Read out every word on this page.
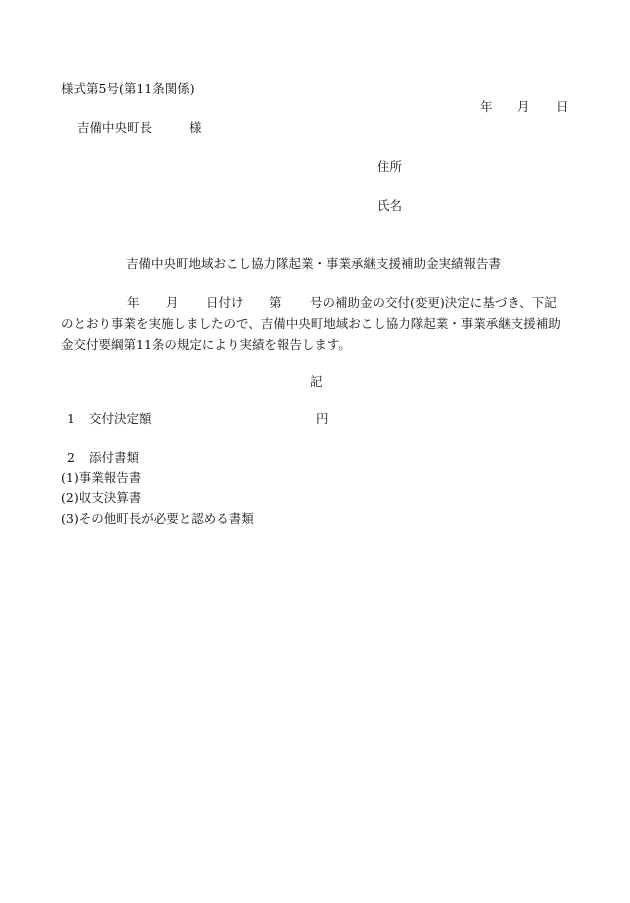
様式第5号(第11条関係)
年 月 日
吉備中央町長	様
住所
氏名
吉備中央町地域おこし協力隊起業・事業承継支援補助金実績報告書
年 月 日付け 第 号の補助金の交付(変更)決定に基づき、下記
のとおり事業を実施しましたので、吉備中央町地域おこし協力隊起業・事業承継支援補助
金交付要綱第11条の規定により実績を報告します。
記
1 交付決定額	円
2 添付書類
(1)事業報告書
(2)収支決算書
(3)その他町長が必要と認める書類
